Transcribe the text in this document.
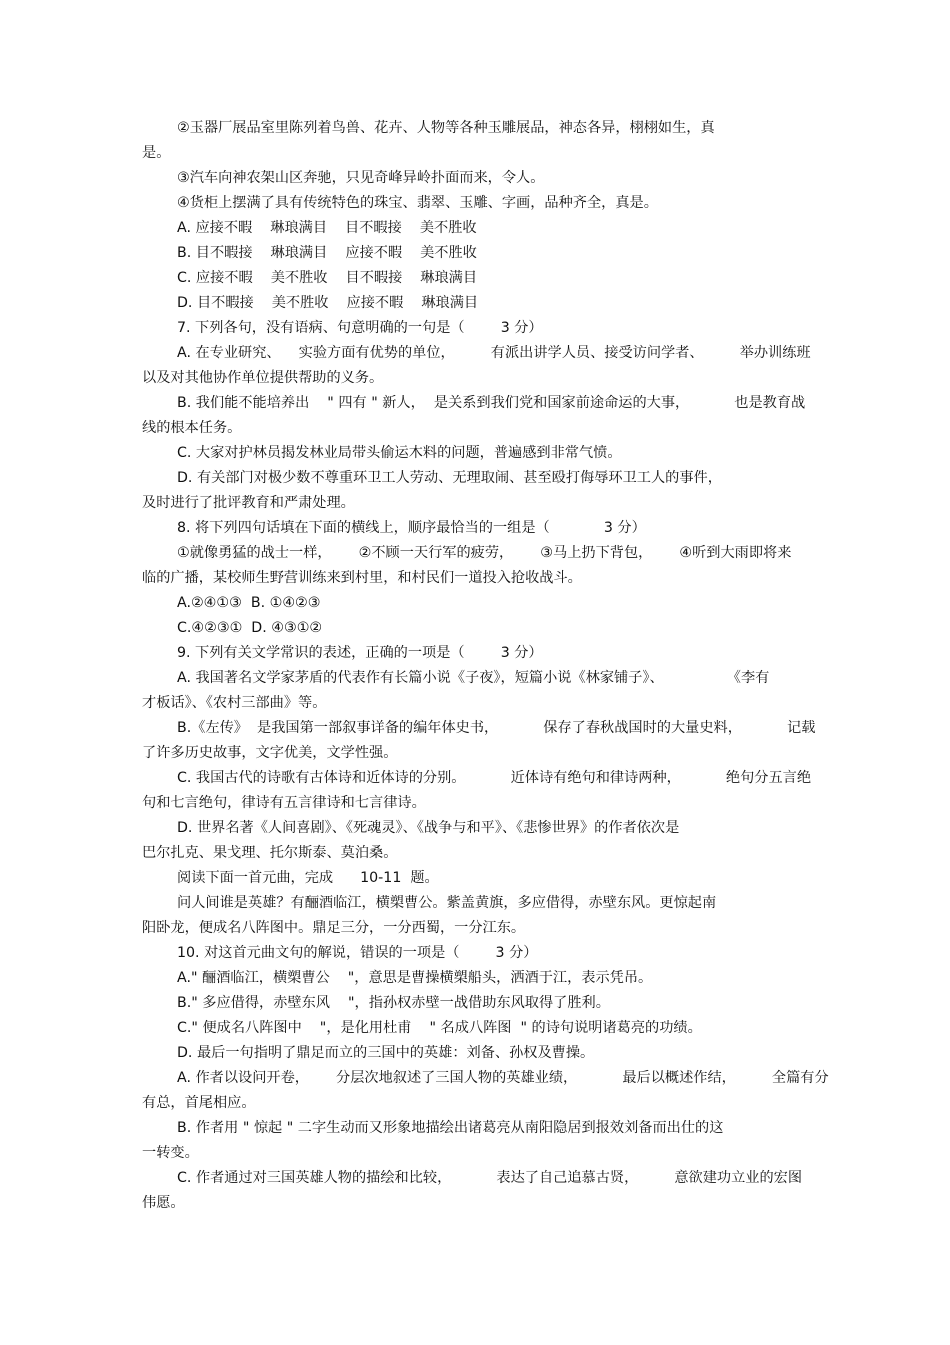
②玉器厂展品室里陈列着鸟兽、花卉、人物等各种玉雕展品，神态各异，栩栩如生，真
是。
③汽车向神农架山区奔驰，只见奇峰异岭扑面而来，令人。
④货柜上摆满了具有传统特色的珠宝、翡翠、玉雕、字画，品种齐全，真是。
A. 应接不暇    琳琅满目    目不暇接    美不胜收
B. 目不暇接    琳琅满目    应接不暇    美不胜收
C. 应接不暇    美不胜收    目不暇接    琳琅满目
D. 目不暇接    美不胜收    应接不暇    琳琅满目
7. 下列各句，没有语病、句意明确的一句是（        3 分）
A. 在专业研究、    实验方面有优势的单位，        有派出讲学人员、接受访问学者、        举办训练班
以及对其他协作单位提供帮助的义务。
B. 我们能不能培养出    " 四有 " 新人，  是关系到我们党和国家前途命运的大事，          也是教育战
线的根本任务。
C. 大家对护林员揭发林业局带头偷运木料的问题，普遍感到非常气愤。
D. 有关部门对极少数不尊重环卫工人劳动、无理取闹、甚至殴打侮辱环卫工人的事件，
及时进行了批评教育和严肃处理。
8. 将下列四句话填在下面的横线上，顺序最恰当的一组是（            3 分）
①就像勇猛的战士一样，      ②不顾一天行军的疲劳，      ③马上扔下背包，      ④听到大雨即将来
临的广播，某校师生野营训练来到村里，和村民们一道投入抢收战斗。
A.②④①③  B. ①④②③
C.④②③①  D. ④③①②
9. 下列有关文学常识的表述，正确的一项是（        3 分）
A. 我国著名文学家茅盾的代表作有长篇小说《子夜》，短篇小说《林家铺子》、              《李有
才板话》、《农村三部曲》等。
B.《左传》  是我国第一部叙事详备的编年体史书，          保存了春秋战国时的大量史料，          记载
了许多历史故事，文字优美，文学性强。
C. 我国古代的诗歌有古体诗和近体诗的分别。          近体诗有绝句和律诗两种，          绝句分五言绝
句和七言绝句，律诗有五言律诗和七言律诗。
D. 世界名著《人间喜剧》、《死魂灵》、《战争与和平》、《悲惨世界》的作者依次是
巴尔扎克、果戈理、托尔斯泰、莫泊桑。
阅读下面一首元曲，完成      10-11  题。
问人间谁是英雄？有酾酒临江，横槊曹公。紫盖黄旗，多应借得，赤壁东风。更惊起南
阳卧龙，便成名八阵图中。鼎足三分，一分西蜀，一分江东。
10. 对这首元曲文句的解说，错误的一项是（        3 分）
A." 酾酒临江，横槊曹公    "，意思是曹操横槊船头，洒酒于江，表示凭吊。
B." 多应借得，赤壁东风    "，指孙权赤壁一战借助东风取得了胜利。
C." 便成名八阵图中    "，是化用杜甫    " 名成八阵图  " 的诗句说明诸葛亮的功绩。
D. 最后一句指明了鼎足而立的三国中的英雄：刘备、孙权及曹操。
A. 作者以设问开卷，      分层次地叙述了三国人物的英雄业绩，          最后以概述作结，        全篇有分
有总，首尾相应。
B. 作者用 " 惊起 " 二字生动而又形象地描绘出诸葛亮从南阳隐居到报效刘备而出仕的这
一转变。
C. 作者通过对三国英雄人物的描绘和比较，          表达了自己追慕古贤，        意欲建功立业的宏图
伟愿。
